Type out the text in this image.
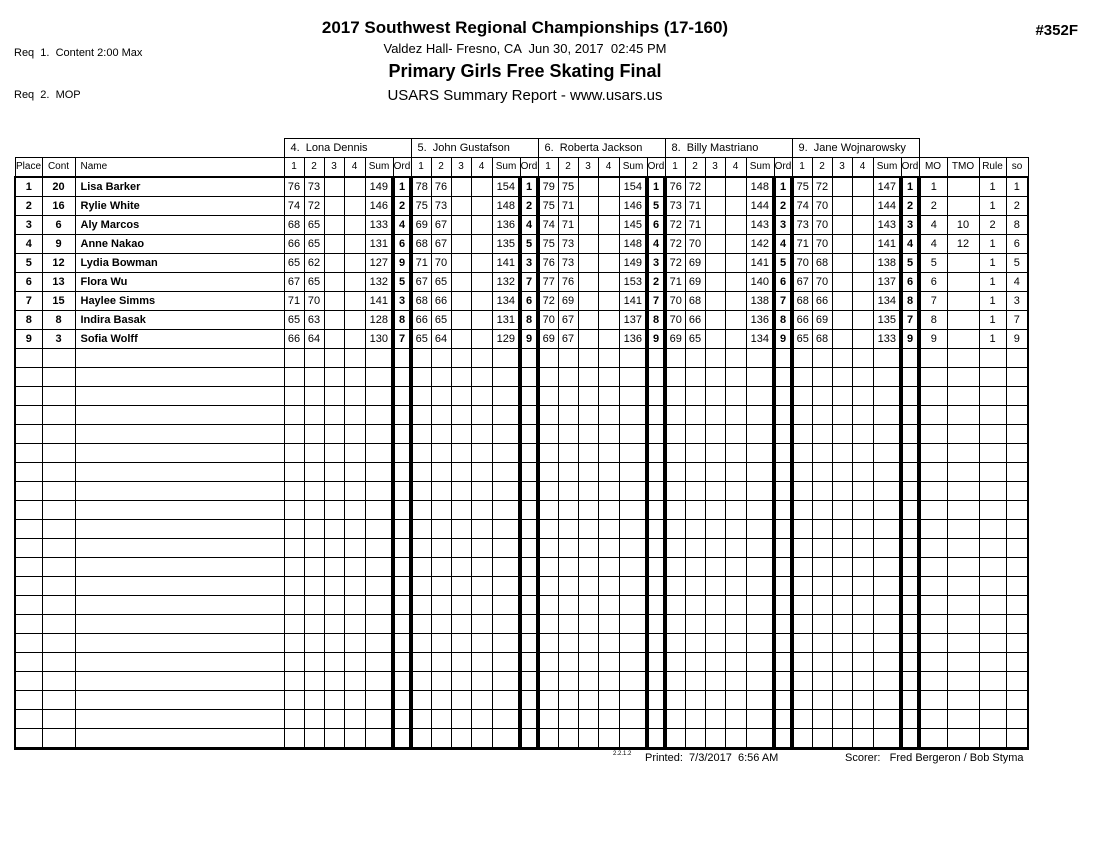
Req  1.  Content 2:00 Max

Req  2.  MOP

2017 Southwest Regional Championships (17-160)
Valdez Hall- Fresno, CA  Jun 30, 2017  02:45 PM
Primary Girls Free Skating Final
USARS Summary Report - www.usars.us
#352F
			4.  Lona Dennis						5.  John Gustafson						6.  Roberta Jackson						8.  Billy Mastriano						9.  Jane Wojnarowsky									
Place	Cont	Name	1	2	3	4	Sum	Ord	1	2	3	4	Sum	Ord	1	2	3	4	Sum	Ord	1	2	3	4	Sum	Ord	1	2	3	4	Sum	Ord	MO	TMO	Rule	so
1	20	Lisa Barker	76	73			149	1	78	76			154	1	79	75			154	1	76	72			148	1	75	72			147	1	1		1	1
2	16	Rylie White	74	72			146	2	75	73			148	2	75	71			146	5	73	71			144	2	74	70			144	2	2		1	2
3	6	Aly Marcos	68	65			133	4	69	67			136	4	74	71			145	6	72	71			143	3	73	70			143	3	4	10	2	8
4	9	Anne Nakao	66	65			131	6	68	67			135	5	75	73			148	4	72	70			142	4	71	70			141	4	4	12	1	6
5	12	Lydia Bowman	65	62			127	9	71	70			141	3	76	73			149	3	72	69			141	5	70	68			138	5	5		1	5
6	13	Flora Wu	67	65			132	5	67	65			132	7	77	76			153	2	71	69			140	6	67	70			137	6	6		1	4
7	15	Haylee Simms	71	70			141	3	68	66			134	6	72	69			141	7	70	68			138	7	68	66			134	8	7		1	3
8	8	Indira Basak	65	63			128	8	66	65			131	8	70	67			137	8	70	66			136	8	66	69			135	7	8		1	7
9	3	Sofia Wolff	66	64			130	7	65	64			129	9	69	67			136	9	69	65			134	9	65	68			133	9	9		1	9

2.2.1.2 Printed: 7/3/2017  6:56 AM	Scorer: Fred Bergeron / Bob Styma
